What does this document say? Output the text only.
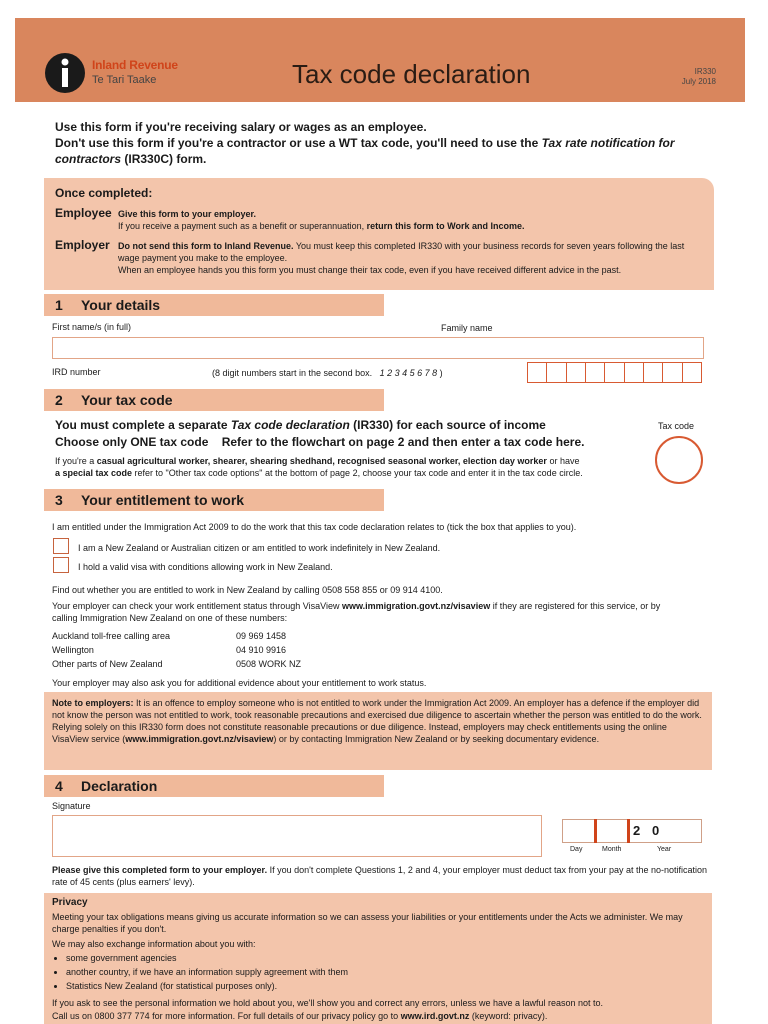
Inland Revenue
Te Tari Taake	Tax code declaration	IR330
July 2018
Use this form if you're receiving salary or wages as an employee.
Don't use this form if you're a contractor or use a WT tax code, you'll need to use the Tax rate notification for contractors (IR330C) form.
Once completed:
Employee Give this form to your employer.
If you receive a payment such as a benefit or superannuation, return this form to Work and Income.
Employer Do not send this form to Inland Revenue. You must keep this completed IR330 with your business records for seven years following the last wage payment you make to the employee.
When an employee hands you this form you must change their tax code, even if you have received different advice in the past.
1 Your details
First name/s (in full)	Family name
IRD number	(8 digit numbers start in the second box. 1 2 3 4 5 6 7 8 )
2 Your tax code
You must complete a separate Tax code declaration (IR330) for each source of income
Choose only ONE tax code Refer to the flowchart on page 2 and then enter a tax code here.
Tax code
If you're a casual agricultural worker, shearer, shearing shedhand, recognised seasonal worker, election day worker or have
a special tax code refer to "Other tax code options" at the bottom of page 2, choose your tax code and enter it in the tax code circle.
3 Your entitlement to work
I am entitled under the Immigration Act 2009 to do the work that this tax code declaration relates to (tick the box that applies to you).
I am a New Zealand or Australian citizen or am entitled to work indefinitely in New Zealand.
I hold a valid visa with conditions allowing work in New Zealand.
Find out whether you are entitled to work in New Zealand by calling 0508 558 855 or 09 914 4100.
Your employer can check your work entitlement status through VisaView www.immigration.govt.nz/visaview if they are registered for this service, or by calling Immigration New Zealand on one of these numbers:
Auckland toll-free calling area	09 969 1458
Wellington	04 910 9916
Other parts of New Zealand	0508 WORK NZ
Your employer may also ask you for additional evidence about your entitlement to work status.
Note to employers: It is an offence to employ someone who is not entitled to work under the Immigration Act 2009. An employer has a defence if the employer did not know the person was not entitled to work, took reasonable precautions and exercised due diligence to ascertain whether the person was entitled to do the work. Relying solely on this IR330 form does not constitute reasonable precautions or due diligence. Instead, employers may check entitlements using the online VisaView service (www.immigration.govt.nz/visaview) or by contacting Immigration New Zealand or by seeking documentary evidence.
4 Declaration
Signature
2 0
Day	Month	Year
Please give this completed form to your employer. If you don't complete Questions 1, 2 and 4, your employer must deduct tax from your pay at the no-notification rate of 45 cents (plus earners' levy).
Privacy
Meeting your tax obligations means giving us accurate information so we can assess your liabilities or your entitlements under the Acts we administer. We may charge penalties if you don't.
We may also exchange information about you with:
• some government agencies
• another country, if we have an information supply agreement with them
• Statistics New Zealand (for statistical purposes only).
If you ask to see the personal information we hold about you, we'll show you and correct any errors, unless we have a lawful reason not to.
Call us on 0800 377 774 for more information. For full details of our privacy policy go to www.ird.govt.nz (keyword: privacy).
